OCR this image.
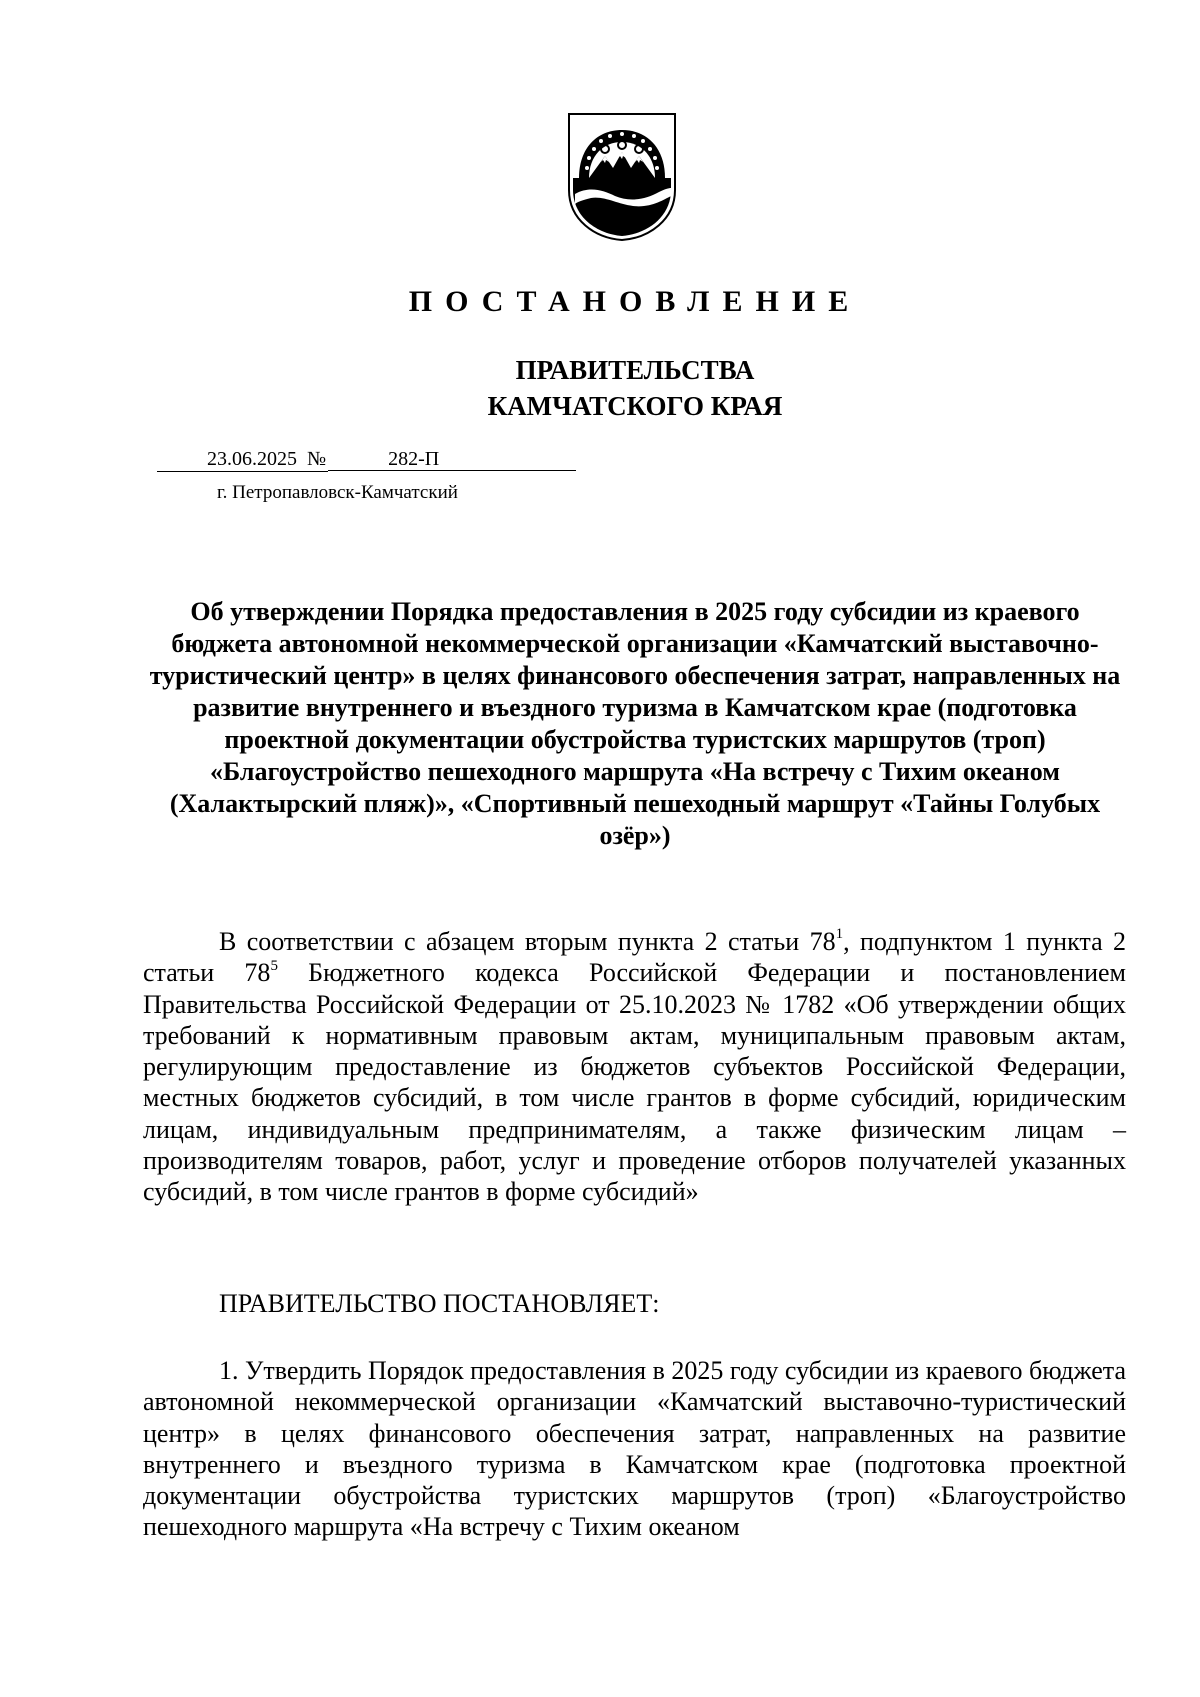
ПОСТАНОВЛЕНИЕ
ПРАВИТЕЛЬСТВА
КАМЧАТСКОГО КРАЯ
23.06.2025 №	282-П
г. Петропавловск-Камчатский
Об утверждении Порядка предоставления в 2025 году субсидии из краевого бюджета автономной некоммерческой организации «Камчатский выставочно-туристический центр» в целях финансового обеспечения затрат, направленных на развитие внутреннего и въездного туризма в Камчатском крае (подготовка проектной документации обустройства туристских маршрутов (троп) «Благоустройство пешеходного маршрута «На встречу с Тихим океаном (Халактырский пляж)», «Спортивный пешеходный маршрут «Тайны Голубых озёр»)
В соответствии с абзацем вторым пункта 2 статьи $78^1$, подпунктом 1 пункта 2 статьи $78^5$ Бюджетного кодекса Российской Федерации и постановлением Правительства Российской Федерации от 25.10.2023 № 1782 «Об утверждении общих требований к нормативным правовым актам, муниципальным правовым актам, регулирующим предоставление из бюджетов субъектов Российской Федерации, местных бюджетов субсидий, в том числе грантов в форме субсидий, юридическим лицам, индивидуальным предпринимателям, а также физическим лицам – производителям товаров, работ, услуг и проведение отборов получателей указанных субсидий, в том числе грантов в форме субсидий»
ПРАВИТЕЛЬСТВО ПОСТАНОВЛЯЕТ:
1. Утвердить Порядок предоставления в 2025 году субсидии из краевого бюджета автономной некоммерческой организации «Камчатский выставочно-туристический центр» в целях финансового обеспечения затрат, направленных на развитие внутреннего и въездного туризма в Камчатском крае (подготовка проектной документации обустройства туристских маршрутов (троп) «Благоустройство пешеходного маршрута «На встречу с Тихим океаном
